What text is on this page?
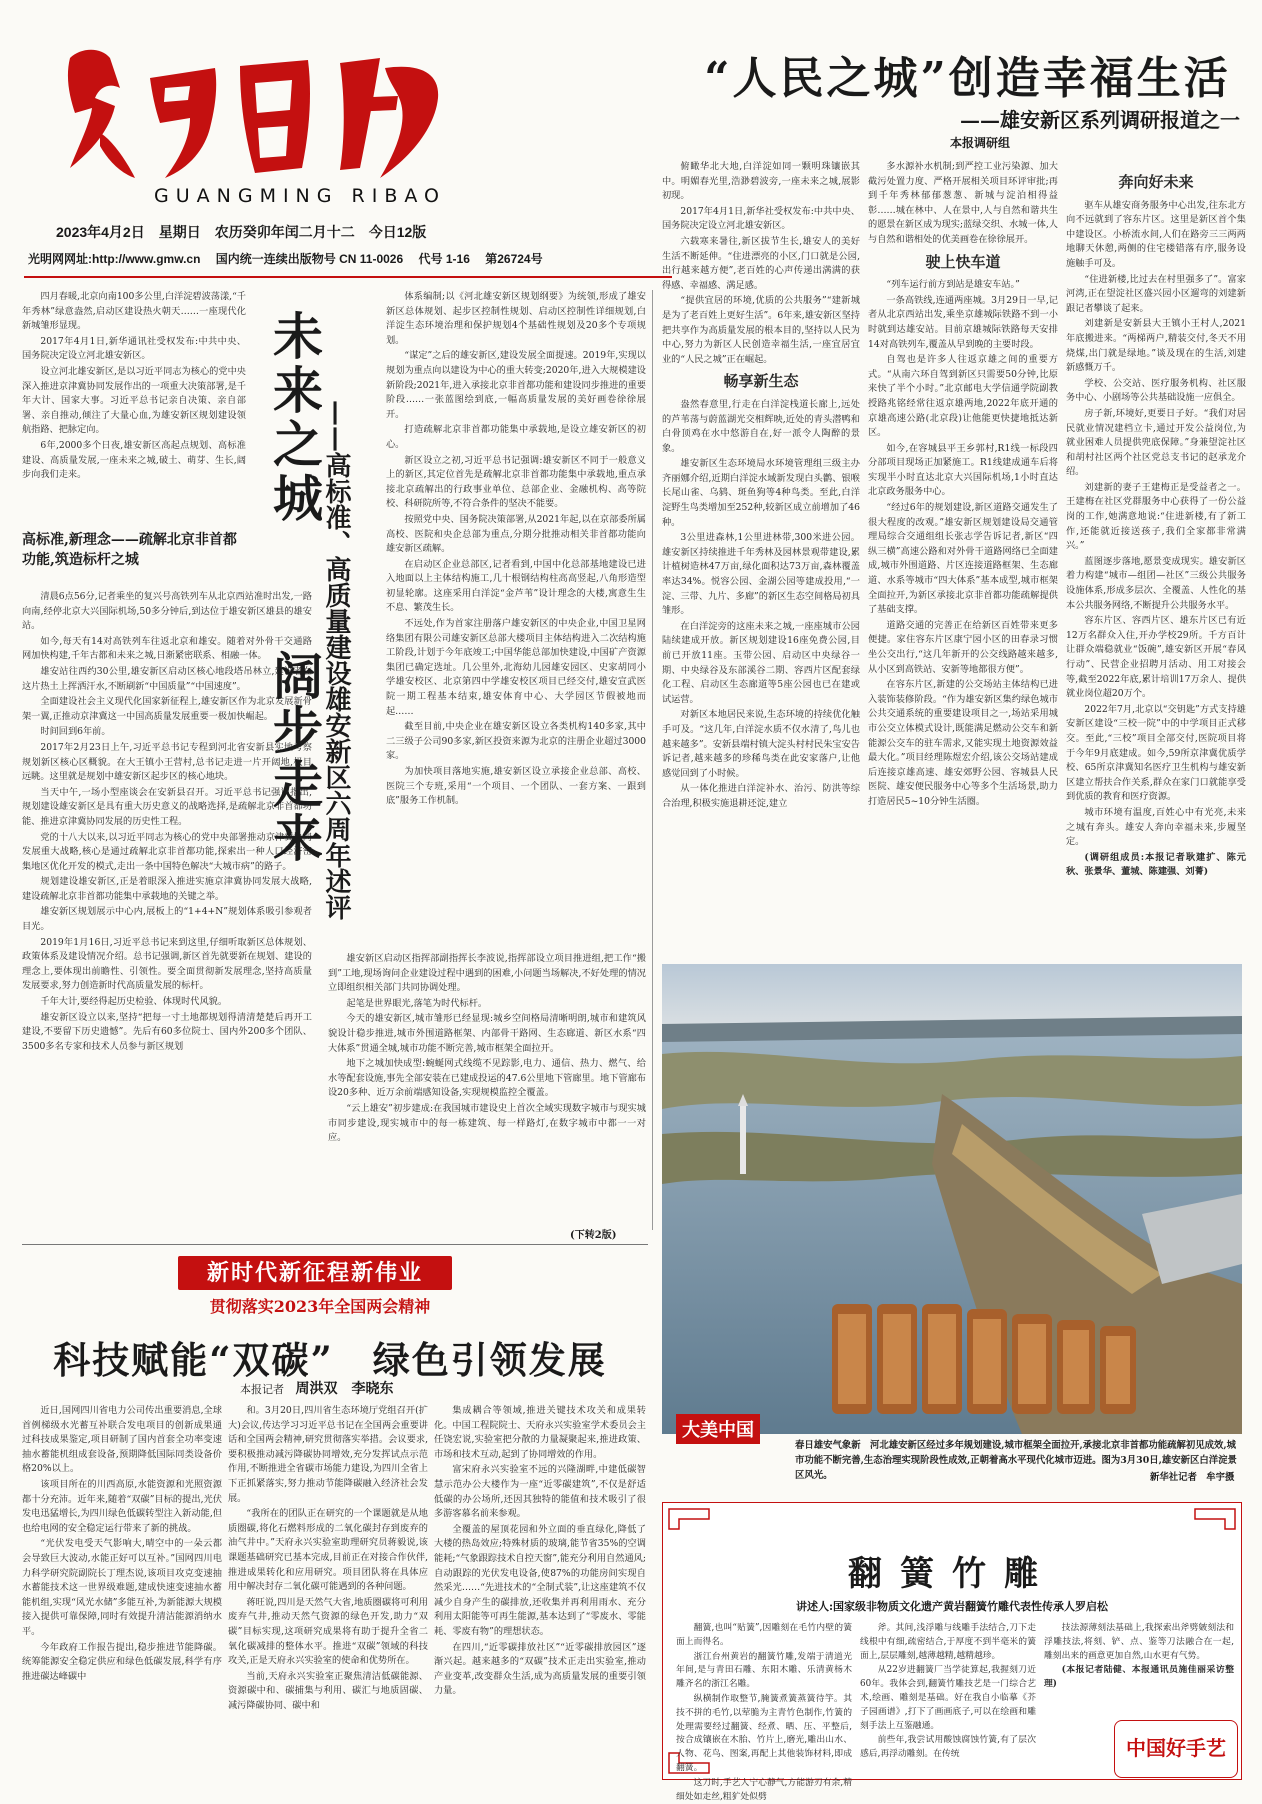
GUANGMING RIBAO
2023年4月2日　星期日　农历癸卯年闰二月十二　今日12版
光明网网址:http://www.gmw.cn 国内统一连续出版物号 CN 11-0026 代号 1-16 第26724号
“人民之城”创造幸福生活
——雄安新区系列调研报道之一
本报调研组

俯瞰华北大地,白洋淀如同一颗明珠镶嵌其中。明媚春光里,浩渺碧波旁,一座未来之城,展影初现。

2017年4月1日,新华社受权发布:中共中央、国务院决定设立河北雄安新区。

六载寒来暑往,新区拔节生长,雄安人的美好生活不断延伸。“住进漂亮的小区,门口就是公园,出行越来越方便”,老百姓的心声传递出满满的获得感、幸福感、满足感。

“提供宜居的环境,优质的公共服务”“建新城是为了老百姓上更好生活”。6年来,雄安新区坚持把共享作为高质量发展的根本目的,坚持以人民为中心,努力为新区人民创造幸福生活,一座宜居宜业的“人民之城”正在崛起。

畅享新生态

盎然春意里,行走在白洋淀栈道长廊上,远处的芦苇荡与蔚蓝湖光交相辉映,近处的青头潜鸭和白骨顶鸡在水中悠游自在,好一派令人陶醉的景象。

雄安新区生态环境局水环境管理组三级主办齐丽娜介绍,近期白洋淀水域新发现白头鹳、银喉长尾山雀、乌鸫、斑鱼狗等4种鸟类。至此,白洋淀野生鸟类增加至252种,较新区成立前增加了46种。

3公里进森林,1公里进林带,300米进公园。雄安新区持续推进千年秀林及园林景观带建设,累计植树造林47万亩,绿化面积达73万亩,森林覆盖率达34%。悦容公园、金湖公园等建成投用,“一淀、三带、九片、多廊”的新区生态空间格局初具雏形。

在白洋淀旁的这座未来之城,一座座城市公园陆续建成开放。新区规划建设16座免费公园,目前已开放11座。玉带公园、启动区中央绿谷一期、中央绿谷及东部溪谷二期、容西片区配套绿化工程、启动区生态廊道等5座公园也已在建或试运营。

对新区本地居民来说,生态环境的持续优化触手可及。“这几年,白洋淀水质不仅水清了,鸟儿也越来越多”。安新县端村镇大淀头村村民朱宝安告诉记者,越来越多的珍稀鸟类在此安家落户,让他感觉回到了小时候。

从一体化推进白洋淀补水、治污、防洪等综合治理,积极实施退耕还淀,建立

多水源补水机制;到严控工业污染源、加大截污处置力度、严格开展相关项目环评审批;再到千年秀林郁郁葱葱、新城与淀泊相得益彰……城在林中、人在景中,人与自然和谐共生的愿景在新区成为现实;蓝绿交织、水城一体,人与自然和谐相处的优美画卷在徐徐展开。

驶上快车道

“列车运行前方到站是雄安车站。”

一条高铁线,连通两座城。3月29日一早,记者从北京西站出发,乘坐京雄城际铁路不到一小时就到达雄安站。目前京雄城际铁路每天安排14对高铁列车,覆盖从早到晚的主要时段。

自驾也是许多人往返京雄之间的重要方式。“从南六环自驾到新区只需要50分钟,比原来快了半个小时。”北京邮电大学信通学院副教授路兆铭经常往返京雄两地,2022年底开通的京雄高速公路(北京段)让他能更快捷地抵达新区。

如今,在容城县平王乡郭村,R1线一标段四分部项目现场正加紧施工。R1线建成通车后将实现半小时直达北京大兴国际机场,1小时直达北京政务服务中心。

“经过6年的规划建设,新区道路交通发生了很大程度的改观。”雄安新区规划建设局交通管理局综合交通组组长张志学告诉记者,新区“四纵三横”高速公路和对外骨干道路网络已全面建成,城市外围道路、片区连接道路框架、生态廊道、水系等城市“四大体系”基本成型,城市框架全面拉开,为新区承接北京非首都功能疏解提供了基础支撑。

道路交通的完善正在给新区百姓带来更多便捷。家住容东片区康宁园小区的田春录习惯坐公交出行,“这几年新开的公交线路越来越多,从小区到高铁站、安新等地都很方便”。

在容东片区,新建的公交场站主体结构已进入装饰装修阶段。“作为雄安新区集约绿色城市公共交通系统的重要建设项目之一,场站采用城市公交立体模式设计,既能满足燃动公交车和新能源公交车的驻车需求,又能实现土地资源效益最大化。”项目经理陈煜宏介绍,该公交场站建成后连接京雄高速、雄安郊野公园、容城县人民医院、雄安便民服务中心等多个生活场景,助力打造居民5~10分钟生活圈。

奔向好未来

驱车从雄安商务服务中心出发,往东北方向不远就到了容东片区。这里是新区首个集中建设区。小桥流水间,人们在路旁三三两两地聊天休憩,两侧的住宅楼错落有序,服务设施触手可及。

“住进新楼,比过去在村里强多了”。富家河湾,正在望淀社区盛兴园小区遛弯的刘建新跟记者攀谈了起来。

刘建新是安新县大王镇小王村人,2021年底搬进来。“两梯两户,精装交付,冬天不用烧煤,出门就是绿地。”谈及现在的生活,刘建新感慨万千。

学校、公交站、医疗服务机构、社区服务中心、小剧场等公共基础设施一应俱全。

房子新,环境好,更要日子好。“我们对居民就业情况建档立卡,通过开发公益岗位,为就业困难人员提供兜底保障。”身兼望淀社区和胡村社区两个社区党总支书记的赵承龙介绍。

刘建新的妻子王建梅正是受益者之一。王建梅在社区党群服务中心获得了一份公益岗的工作,她满意地说:“住进新楼,有了新工作,还能就近接送孩子,我们全家都非常满兴。”

蓝图逐步落地,愿景变成现实。雄安新区着力构建“城市—组团—社区”三级公共服务设施体系,形成多层次、全覆盖、人性化的基本公共服务网络,不断提升公共服务水平。

容东片区、容西片区、雄东片区已有近12万名群众入住,开办学校29所。千方百计让群众端稳就业“饭碗”,雄安新区开展“春风行动”、民营企业招聘月活动、用工对接会等,截至2022年底,累计培训17万余人、提供就业岗位超20万个。

2022年7月,北京以“交钥匙”方式支持雄安新区建设“三校一院”中的中学项目正式移交。至此,“三校”项目全部交付,医院项目将于今年9月底建成。如今,59所京津冀优质学校、65所京津冀知名医疗卫生机构与雄安新区建立帮扶合作关系,群众在家门口就能享受到优质的教育和医疗资源。

城市环境有温度,百姓心中有光亮,未来之城有奔头。雄安人奔向幸福未来,步履坚定。

(调研组成员:本报记者耿建扩、陈元秋、张景华、董城、陈建强、刘菁)

四月春暖,北京向南100多公里,白洋淀碧波荡漾,“千年秀林”绿意盎然,启动区建设热火朝天……一座现代化新城雏形显现。

2017年4月1日,新华通讯社受权发布:中共中央、国务院决定设立河北雄安新区。

设立河北雄安新区,是以习近平同志为核心的党中央深入推进京津冀协同发展作出的一项重大决策部署,是千年大计、国家大事。习近平总书记亲自决策、亲自部署、亲自推动,倾注了大量心血,为雄安新区规划建设领航指路、把脉定向。

6年,2000多个日夜,雄安新区高起点规划、高标准建设、高质量发展,一座未来之城,破土、萌芽、生长,阔步向我们走来。

高标准,新理念——疏解北京非首都功能,筑造标杆之城

清晨6点56分,记者乘坐的复兴号高铁列车从北京西站准时出发,一路向南,经停北京大兴国际机场,50多分钟后,到达位于雄安新区雄县的雄安站。

如今,每天有14对高铁列车往返北京和雄安。随着对外骨干交通路网加快构建,千年古都和未来之城,日渐紧密联系、相融一体。

雄安站往西约30公里,雄安新区启动区核心地段塔吊林立,建设者在这片热土上挥洒汗水,不断刷新“中国质量”“中国速度”。

全面建设社会主义现代化国家新征程上,雄安新区作为北京发展新骨架一翼,正推动京津冀这一中国高质量发展重要一极加快崛起。

时间回到6年前。

2017年2月23日上午,习近平总书记专程到河北省安新县实地考察规划新区核心区概貌。在大王镇小王营村,总书记走进一片开阔地,极目远眺。这里就是规划中雄安新区起步区的核心地块。

当天中午,一场小型座谈会在安新县召开。习近平总书记强调指出,规划建设雄安新区是具有重大历史意义的战略选择,是疏解北京非首都功能、推进京津冀协同发展的历史性工程。

党的十八大以来,以习近平同志为核心的党中央部署推动京津冀协同发展重大战略,核心是通过疏解北京非首都功能,探索出一种人口经济密集地区优化开发的模式,走出一条中国特色解决“大城市病”的路子。

规划建设雄安新区,正是着眼深入推进实施京津冀协同发展大战略,建设疏解北京非首都功能集中承载地的关键之举。

雄安新区规划展示中心内,展板上的“1+4+N”规划体系吸引参观者目光。

2019年1月16日,习近平总书记来到这里,仔细听取新区总体规划、政策体系及建设情况介绍。总书记强调,新区首先就要新在规划、建设的理念上,要体现出前瞻性、引领性。要全面贯彻新发展理念,坚持高质量发展要求,努力创造新时代高质量发展的标杆。

千年大计,要经得起历史检验、体现时代风貌。

雄安新区设立以来,坚持“把每一寸土地都规划得清清楚楚后再开工建设,不要留下历史遗憾”。先后有60多位院士、国内外200多个团队、3500多名专家和技术人员参与新区规划

未来之城
阔步走来
——高标准、高质量建设雄安新区六周年述评

体系编制;以《河北雄安新区规划纲要》为统领,形成了雄安新区总体规划、起步区控制性规划、启动区控制性详细规划,白洋淀生态环境治理和保护规划4个基础性规划及20多个专项规划。

“谋定”之后的雄安新区,建设发展全面提速。2019年,实现以规划为重点向以建设为中心的重大转变;2020年,进入大规模建设新阶段;2021年,进入承接北京非首都功能和建设同步推进的重要阶段……一张蓝图绘到底,一幅高质量发展的美好画卷徐徐展开。

打造疏解北京非首都功能集中承载地,是设立雄安新区的初心。

新区设立之初,习近平总书记强调:雄安新区不同于一般意义上的新区,其定位首先是疏解北京非首都功能集中承载地,重点承接北京疏解出的行政事业单位、总部企业、金融机构、高等院校、科研院所等,不符合条件的坚决不能要。

按照党中央、国务院决策部署,从2021年起,以在京部委所属高校、医院和央企总部为重点,分期分批推动相关非首都功能向雄安新区疏解。

在启动区企业总部区,记者看到,中国中化总部基地建设已进入地面以上主体结构施工,几十根钢结构柱高高竖起,八角形造型初显轮廓。这座采用白洋淀“金芦苇”设计理念的大楼,寓意生生不息、繁茂生长。

不远处,作为首家注册落户雄安新区的中央企业,中国卫星网络集团有限公司雄安新区总部大楼项目主体结构进入二次结构施工阶段,计划于今年底竣工;中国华能总部加快建设,中国矿产资源集团已确定选址。几公里外,北海幼儿园雄安园区、史家胡同小学雄安校区、北京第四中学雄安校区项目已经交付,雄安宣武医院一期工程基本结束,雄安体育中心、大学园区节假被地而起……

截至目前,中央企业在雄安新区设立各类机构140多家,其中二三级子公司90多家,新区投资来源为北京的注册企业超过3000家。

为加快项目落地实施,雄安新区设立承接企业总部、高校、医院三个专班,采用“一个项目、一个团队、一套方案、一跟到底”服务工作机制。

雄安新区启动区指挥部副指挥长李波说,指挥部设立项目推进组,把工作“搬到”工地,现场询问企业建设过程中遇到的困难,小问题当场解决,不好处理的情况立即组织相关部门共同协调处理。

起笔是世界眼光,落笔为时代标杆。

今天的雄安新区,城市雏形已经显现:城乡空间格局清晰明朗,城市和建筑风貌设计稳步推进,城市外围道路框架、内部骨干路网、生态廊道、新区水系“四大体系”贯通全城,城市功能不断完善,城市框架全面拉开。

地下之城加快成型:蜿蜒网式线缆不见踪影,电力、通信、热力、燃气、给水等配套设施,事先全部安装在已建成投运的47.6公里地下管廊里。地下管廊布设20多种、近万余前端感知设备,实现规模监控全覆盖。

“云上雄安”初步建成:在我国城市建设史上首次全域实现数字城市与现实城市同步建设,现实城市中的每一栋建筑、每一样路灯,在数字城市中都一一对应。

(下转2版)
新时代新征程新伟业
贯彻落实2023年全国两会精神
科技赋能“双碳”　绿色引领发展
本报记者 周洪双　李晓东

近日,国网四川省电力公司传出重要消息,全球首例梯级水光蓄互补联合发电项目的创新成果通过科技成果鉴定,项目研制了国内首套全功率变速抽水蓄能机组成套设备,预期降低国际同类设备价格20%以上。

该项目所在的川西高原,水能资源和光照资源都十分充沛。近年来,随着“双碳”目标的提出,光伏发电迅猛增长,为四川绿色低碳转型注入新动能,但也给电网的安全稳定运行带来了新的挑战。

“光伏发电受天气影响大,晴空中的一朵云都会导致巨大波动,水能正好可以互补。”国网四川电力科学研究院副院长丁理杰说,该项目攻克变速抽水蓄能技术这一世界级难题,建成快速变速抽水蓄能机组,实现“风光水储”多能互补,为新能源大规模接入提供可靠保障,同时有效提升清洁能源消纳水平。

今年政府工作报告提出,稳步推进节能降碳。统筹能源安全稳定供应和绿色低碳发展,科学有序推进碳达峰碳中

和。3月20日,四川省生态环境厅党组召开(扩大)会议,传达学习习近平总书记在全国两会重要讲话和全国两会精神,研究贯彻落实举措。会议要求,要积极推动减污降碳协同增效,充分发挥试点示范作用,不断推进全省碳市场能力建设,为四川全省上下正抓紧落实,努力推动节能降碳融入经济社会发展。

“我所在的团队正在研究的一个课题就是从地质圈碳,将化石燃料形成的二氧化碳封存到废弃的油气井中。”天府永兴实验室助理研究员蒋毅说,该课题基础研究已基本完成,目前正在对接合作伙伴,推进成果转化和应用研究。项目团队将在具体应用中解决封存二氧化碳可能遇到的各种问题。

蒋旺说,四川是天然气大省,地质圈碳将可利用废弃气井,推动天然气资源的绿色开发,助力“双碳”目标实现,这项研究成果将有助于提升全省二氧化碳减排的整体水平。推进“双碳”领域的科技攻关,正是天府永兴实验室的使命和优势所在。

当前,天府永兴实验室正聚焦清洁低碳能源、资源碳中和、碳捕集与利用、碳汇与地质固碳、减污降碳协同、碳中和

集成耦合等领域,推进关键技术攻关和成果转化。中国工程院院士、天府永兴实验室学术委员会主任饶宏说,实验室把分散的力量凝聚起来,推进政策、市场和技术互动,起到了协同增效的作用。

富宋府永兴实验室不远的兴隆湖畔,中建低碳智慧示范办公大楼作为一座“近零碳建筑”,不仅是舒适低碳的办公场所,还因其独特的能值和技术吸引了很多游客慕名前来参观。

全覆盖的屋顶花园和外立面的垂直绿化,降低了大楼的热岛效应;特殊材质的玻璃,能节省35%的空调能耗;“气象跟踪技术自控天窗”,能充分利用自然通风;自动跟踪的光伏发电设备,使87%的功能房间实现自然采光……“先进技术的“全制式装”,让这座建筑不仅减少自身产生的碳排放,还收集并再利用雨水、充分利用太阳能等可再生能源,基本达到了“零废水、零能耗、零废有物”的理想状态。

在四川,“近零碳排放社区”“近零碳排放园区”逐渐兴起。越来越多的“双碳”技术正走出实验室,推动产业变革,改变群众生活,成为高质量发展的重要引领力量。

大美中国
春日雄安气象新　河北雄安新区经过多年规划建设,城市框架全面拉开,承接北京非首都功能疏解初见成效,城市功能不断完善,生态治理实现阶段性成效,正朝着高水平现代化城市迈进。图为3月30日,雄安新区白洋淀景区风光。	新华社记者　牟宇摄
翻簧竹雕
讲述人:国家级非物质文化遗产黄岩翻簧竹雕代表性传承人罗启松

翻簧,也叫“贴簧”,因雕刻在毛竹内壁的簧面上而得名。

浙江台州黄岩的翻簧竹雕,发端于清道光年间,是与青田石雕、东阳木雕、乐清黄杨木雕齐名的浙江名雕。

纵横制作取整节,腌簧煮簧蒸簧待竽。其技不拼的毛竹,以荤脆为主青竹色制作,竹簧的处理需要经过翻簧、经煮、晒、压、平整后,按合成镶嵌在木胎、竹片上,磨光,雕出山水、人物、花鸟、图案,再配上其他装饰材料,即成翻簧。

这刀时,手艺人宁心静气,方能游刃有余,精细处如走丝,粗犷处似劈

斧。其间,浅浮雕与线雕手法结合,刀下走线根中有细,疏密结合,于厚度不到半毫米的簧面上,层层雕刻,越薄越精,越精越珍。

从22岁进翻簧厂当学徒算起,我握刻刀近60年。我体会到,翻簧竹雕技艺是一门综合艺术,绘画、雕刻是基础。好在我自小临摹《芥子园画谱》,打下了画画底子,可以在绘画和雕刻手法上互鉴融通。

前些年,我尝试用酸蚀腐蚀竹簧,有了层次感后,再浮动雕刻。在传统

技法源薄刻法基础上,我探索出斧劈皴刻法和浮雕技法,将刻、铲、点、鉴等刀法融合在一起,雕刻出来的画意更加自然,山水更有气势。

(本报记者陆健、本报通讯员施佳丽采访整理)

中国好手艺
